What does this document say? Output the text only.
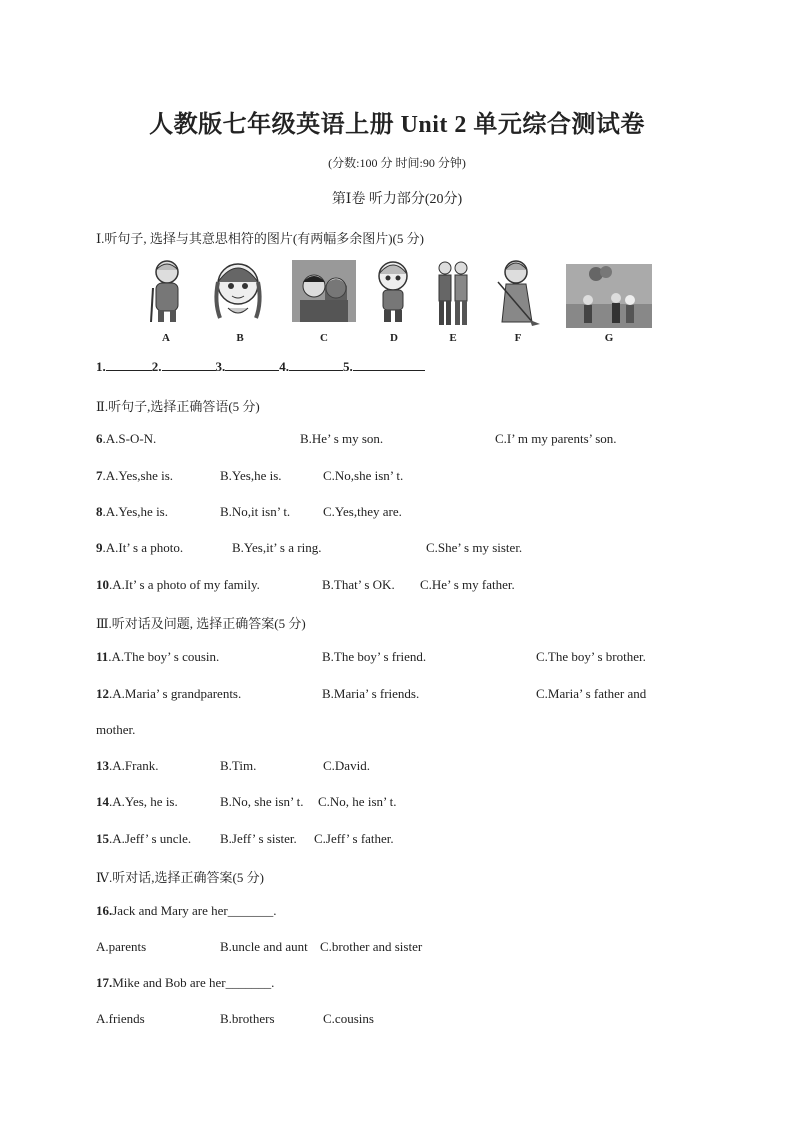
人教版七年级英语上册 Unit 2 单元综合测试卷
(分数:100 分 时间:90 分钟)
第Ⅰ卷 听力部分(20分)
Ⅰ.听句子, 选择与其意思相符的图片(有两幅多余图片)(5 分)
A	B	C	D	E	F	G
1.	2.	3.	4.	5.
Ⅱ.听句子,选择正确答语(5 分)
6.A.S-O-N.	B.He’ s my son.	C.I’ m my parents’ son.
7.A.Yes,she is.	B.Yes,he is.	C.No,she isn’ t.
8.A.Yes,he is.	B.No,it isn’ t.	C.Yes,they are.
9.A.It’ s a photo.	B.Yes,it’ s a ring.	C.She’ s my sister.
10.A.It’ s a photo of my family.	B.That’ s OK. C.He’ s my father.
Ⅲ.听对话及问题, 选择正确答案(5 分)
11.A.The boy’ s cousin.	B.The boy’ s friend.	C.The boy’ s brother.
12.A.Maria’ s grandparents.	B.Maria’ s friends.	C.Maria’ s father and
mother.
13.A.Frank.	B.Tim.	C.David.
14.A.Yes, he is.	B.No, she isn’ t. C.No, he isn’ t.
15.A.Jeff’ s uncle. B.Jeff’ s sister. C.Jeff’ s father.
Ⅳ.听对话,选择正确答案(5 分)
16.Jack and Mary are her_______.
A.parents	B.uncle and aunt C.brother and sister
17.Mike and Bob are her_______.
A.friends	B.brothers	C.cousins
